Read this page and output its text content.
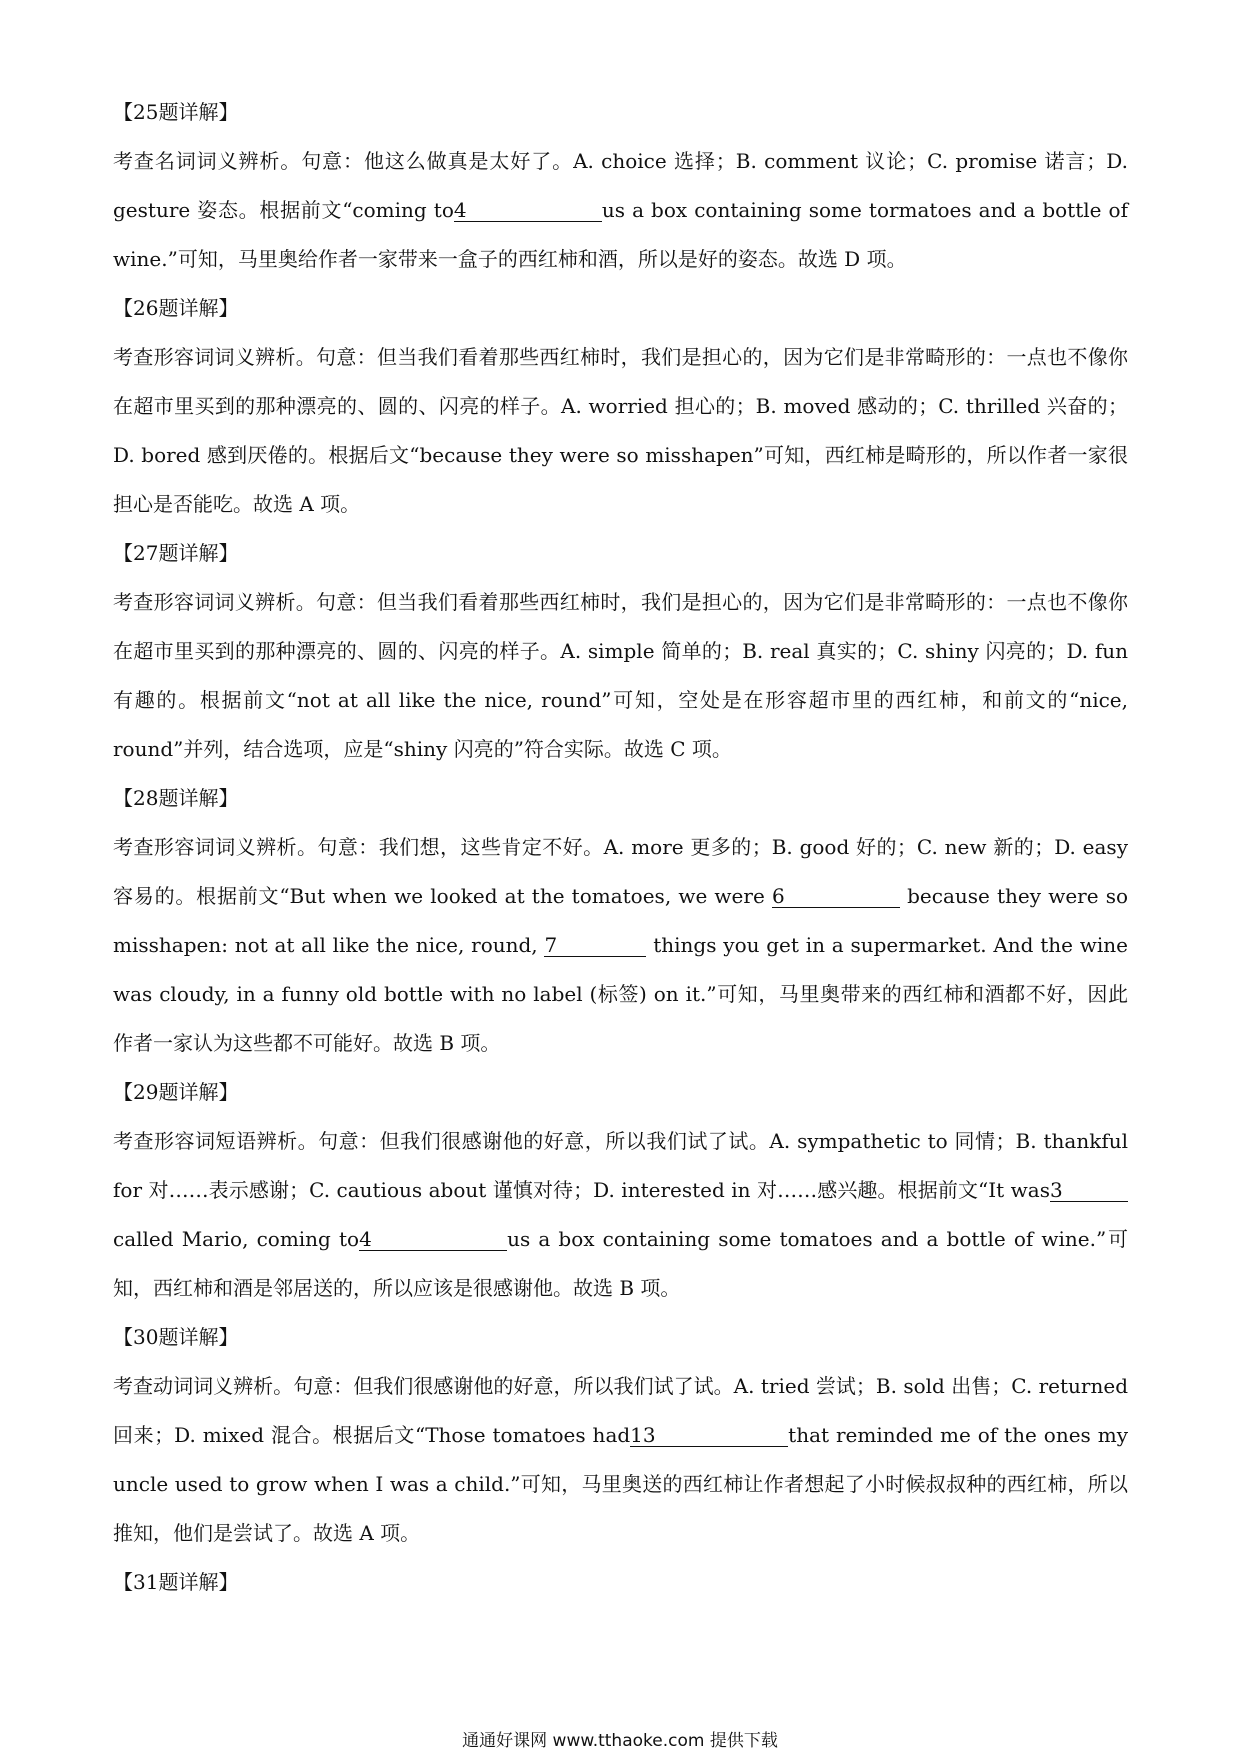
【25题详解】

考查名词词义辨析。句意：他这么做真是太好了。A. choice 选择；B. comment 议论；C. promise 诺言；D. gesture 姿态。根据前文“coming to4	us a box containing some tormatoes and a bottle of wine.”可知，马里奥给作者一家带来一盒子的西红柿和酒，所以是好的姿态。故选 D 项。

【26题详解】

考查形容词词义辨析。句意：但当我们看着那些西红柿时，我们是担心的，因为它们是非常畸形的：一点也不像你在超市里买到的那种漂亮的、圆的、闪亮的样子。A. worried 担心的；B. moved 感动的；C. thrilled 兴奋的；D. bored 感到厌倦的。根据后文“because they were so misshapen”可知，西红柿是畸形的，所以作者一家很担心是否能吃。故选 A 项。

【27题详解】

考查形容词词义辨析。句意：但当我们看着那些西红柿时，我们是担心的，因为它们是非常畸形的：一点也不像你在超市里买到的那种漂亮的、圆的、闪亮的样子。A. simple 简单的；B. real 真实的；C. shiny 闪亮的；D. fun 有趣的。根据前文“not at all like the nice, round”可知，空处是在形容超市里的西红柿，和前文的“nice, round”并列，结合选项，应是“shiny 闪亮的”符合实际。故选 C 项。

【28题详解】

考查形容词词义辨析。句意：我们想，这些肯定不好。A. more 更多的；B. good 好的；C. new 新的；D. easy 容易的。根据前文“But when we looked at the tomatoes, we were 6	because they were so misshapen: not at all like the nice, round, 7	things you get in a supermarket. And the wine was cloudy, in a funny old bottle with no label (标签) on it.”可知，马里奥带来的西红柿和酒都不好，因此作者一家认为这些都不可能好。故选 B 项。

【29题详解】

考查形容词短语辨析。句意：但我们很感谢他的好意，所以我们试了试。A. sympathetic to 同情；B. thankful for 对……表示感谢；C. cautious about 谨慎对待；D. interested in 对……感兴趣。根据前文“It was3 called Mario, coming to4	us a box containing some tomatoes and a bottle of wine.”可知，西红柿和酒是邻居送的，所以应该是很感谢他。故选 B 项。

【30题详解】

考查动词词义辨析。句意：但我们很感谢他的好意，所以我们试了试。A. tried 尝试；B. sold 出售；C. returned 回来；D. mixed 混合。根据后文“Those tomatoes had13	that reminded me of the ones my uncle used to grow when I was a child.”可知，马里奥送的西红柿让作者想起了小时候叔叔种的西红柿，所以推知，他们是尝试了。故选 A 项。

【31题详解】
通通好课网 www.tthaoke.com 提供下载
